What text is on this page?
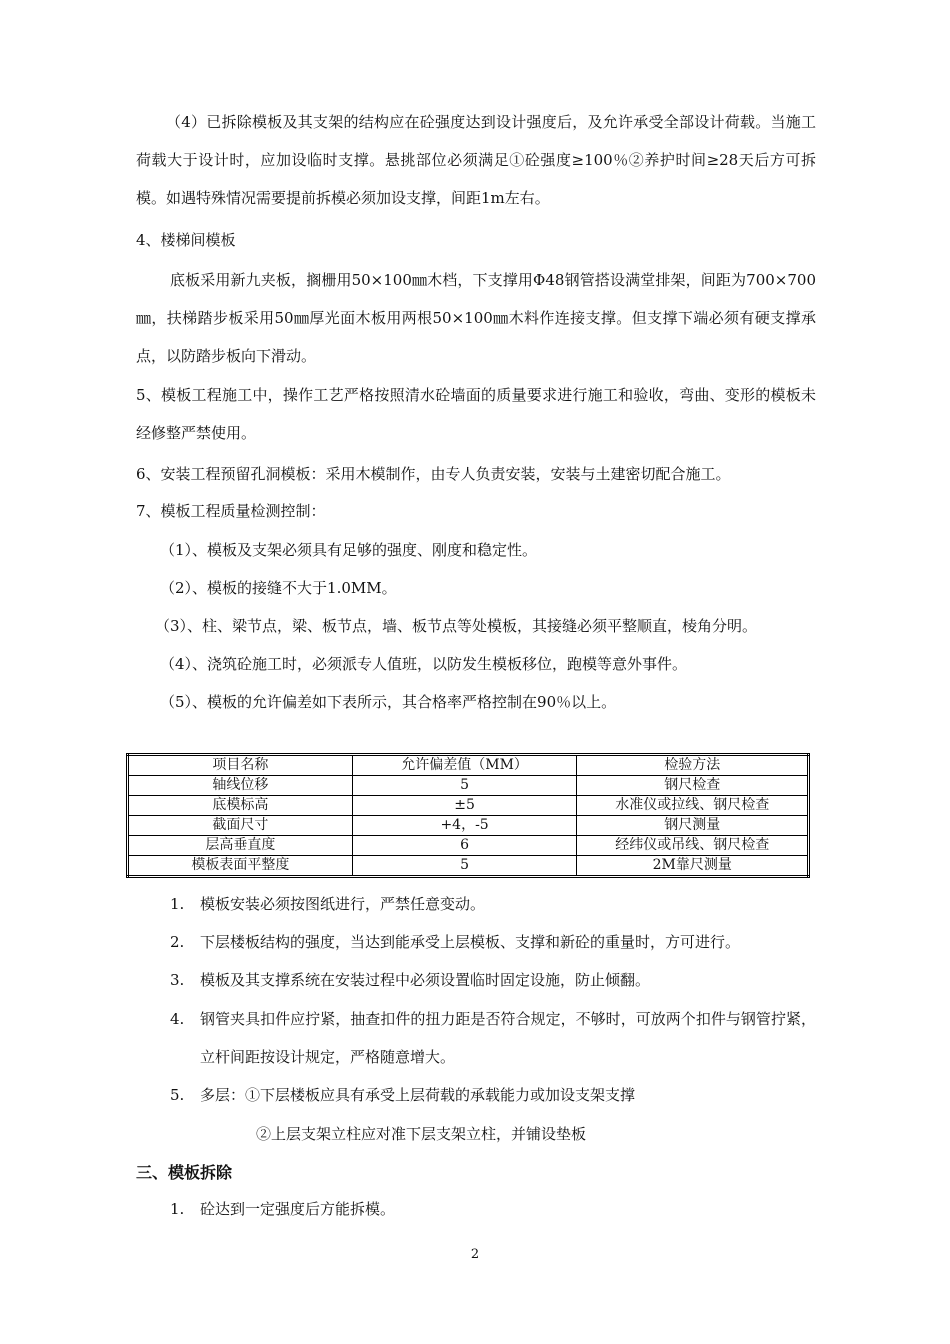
（4）已拆除模板及其支架的结构应在砼强度达到设计强度后，及允许承受全部设计荷载。当施工荷载大于设计时，应加设临时支撑。悬挑部位必须满足①砼强度≥100％②养护时间≥28天后方可拆模。如遇特殊情况需要提前拆模必须加设支撑，间距1m左右。
4、楼梯间模板
底板采用新九夹板，搁栅用50×100㎜木档，下支撑用Φ48钢管搭设满堂排架，间距为700×700㎜，扶梯踏步板采用50㎜厚光面木板用两根50×100㎜木料作连接支撑。但支撑下端必须有硬支撑承点，以防踏步板向下滑动。
5、模板工程施工中，操作工艺严格按照清水砼墙面的质量要求进行施工和验收，弯曲、变形的模板未经修整严禁使用。
6、安装工程预留孔洞模板：采用木模制作，由专人负责安装，安装与土建密切配合施工。
7、模板工程质量检测控制：
（1）、模板及支架必须具有足够的强度、刚度和稳定性。
（2）、模板的接缝不大于1.0MM。
（3）、柱、梁节点，梁、板节点，墙、板节点等处模板，其接缝必须平整顺直，棱角分明。
（4）、浇筑砼施工时，必须派专人值班，以防发生模板移位，跑模等意外事件。
（5）、模板的允许偏差如下表所示，其合格率严格控制在90％以上。
项目名称	允许偏差值（MM）	检验方法
轴线位移	5	钢尺检查
底模标高	±5	水准仪或拉线、钢尺检查
截面尺寸	+4，-5	钢尺测量
层高垂直度	6	经纬仪或吊线、钢尺检查
模板表面平整度	5	2M靠尺测量
1. 模板安装必须按图纸进行，严禁任意变动。
2. 下层楼板结构的强度，当达到能承受上层模板、支撑和新砼的重量时，方可进行。
3. 模板及其支撑系统在安装过程中必须设置临时固定设施，防止倾翻。
4. 钢管夹具扣件应拧紧，抽查扣件的扭力距是否符合规定，不够时，可放两个扣件与钢管拧紧，立杆间距按设计规定，严格随意增大。
5. 多层：①下层楼板应具有承受上层荷载的承载能力或加设支架支撑
②上层支架立柱应对准下层支架立柱，并铺设垫板
三、模板拆除
1. 砼达到一定强度后方能拆模。
2
